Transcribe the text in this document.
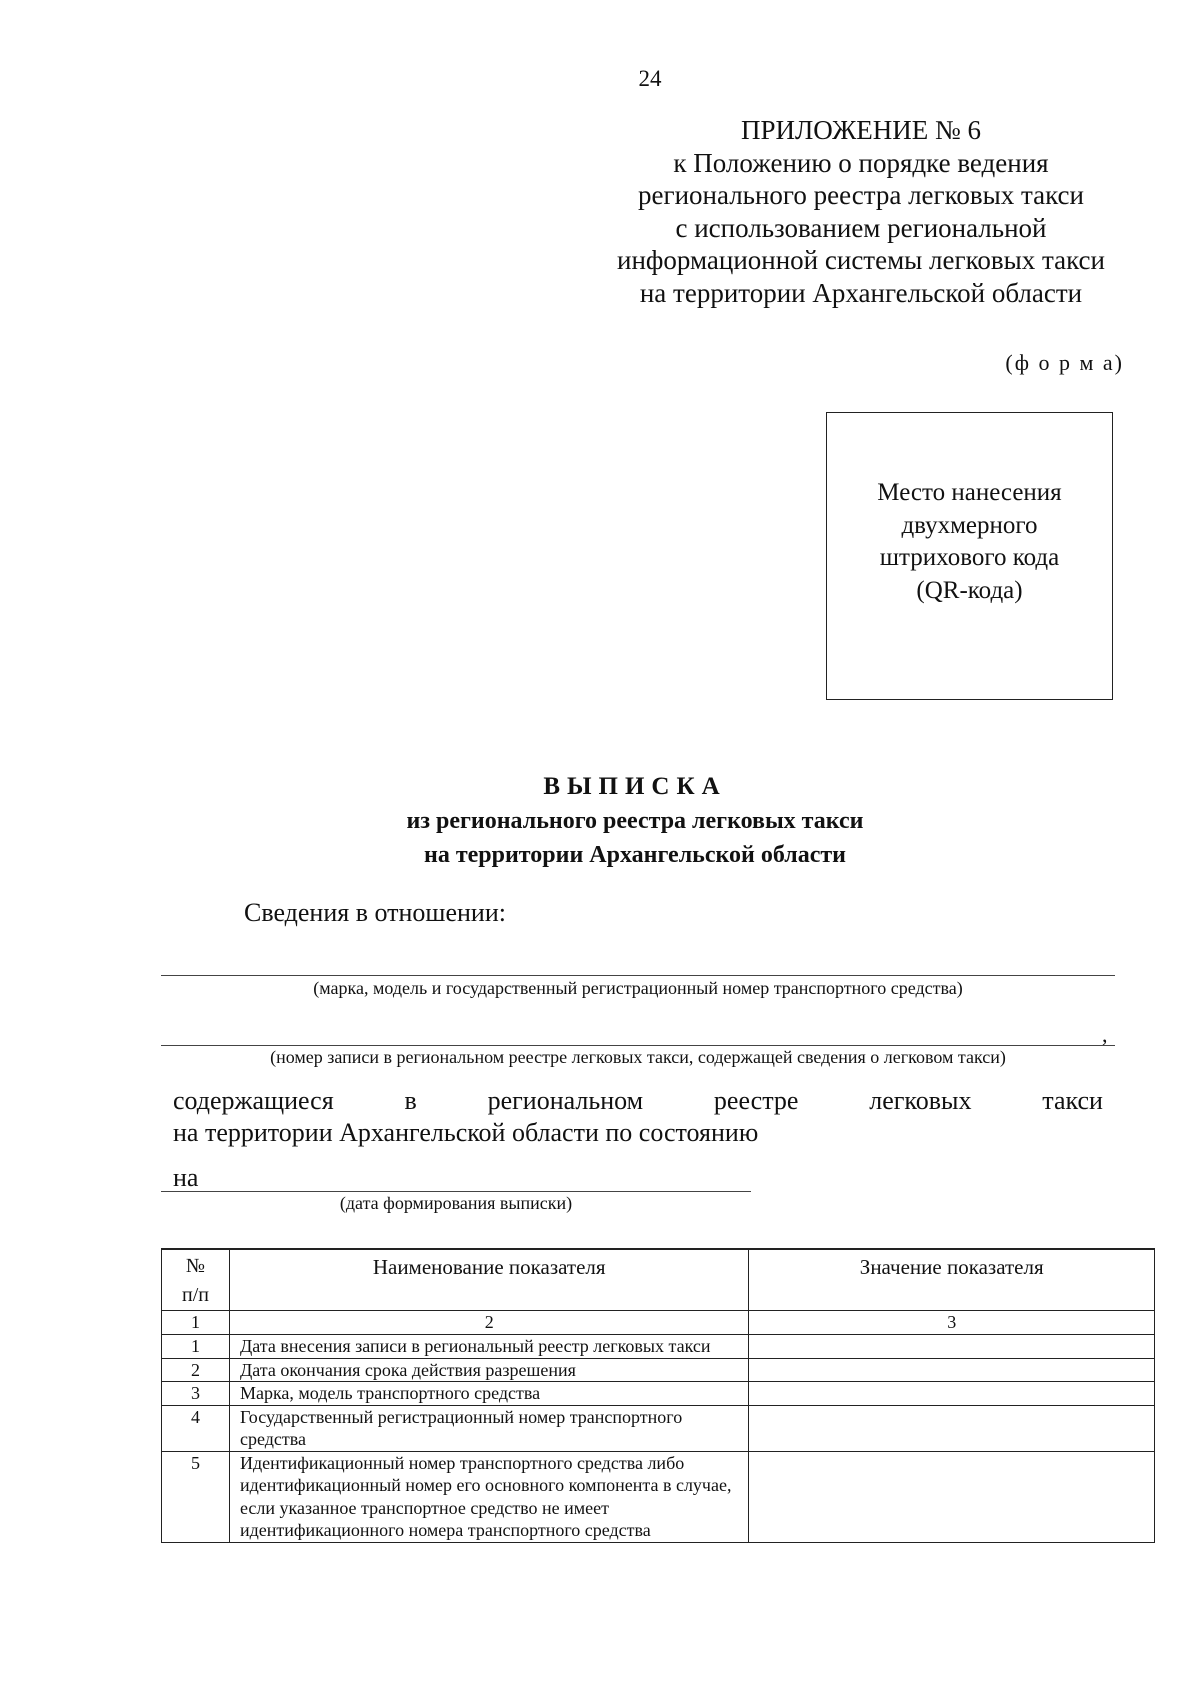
24
ПРИЛОЖЕНИЕ № 6
к Положению о порядке ведения
регионального реестра легковых такси
с использованием региональной
информационной системы легковых такси
на территории Архангельской области
(ф о р м а)
Место нанесения
двухмерного
штрихового кода
(QR-кода)
ВЫПИСКА
из регионального реестра легковых такси
на территории Архангельской области
Сведения в отношении:
(марка, модель и государственный регистрационный номер транспортного средства)
,
(номер записи в региональном реестре легковых такси, содержащей сведения о легковом такси)
содержащиеся	в	региональном	реестре	легковых	такси
на территории Архангельской области по состоянию
на
(дата формирования выписки)
№
п/п	Наименование показателя	Значение показателя
1	2	3
1	Дата внесения записи в региональный реестр легковых такси	
2	Дата окончания срока действия разрешения	
3	Марка, модель транспортного средства	
4	Государственный регистрационный номер транспортного средства	
5	Идентификационный номер транспортного средства либо идентификационный номер его основного компонента в случае, если указанное транспортное средство не имеет идентификационного номера транспортного средства	
